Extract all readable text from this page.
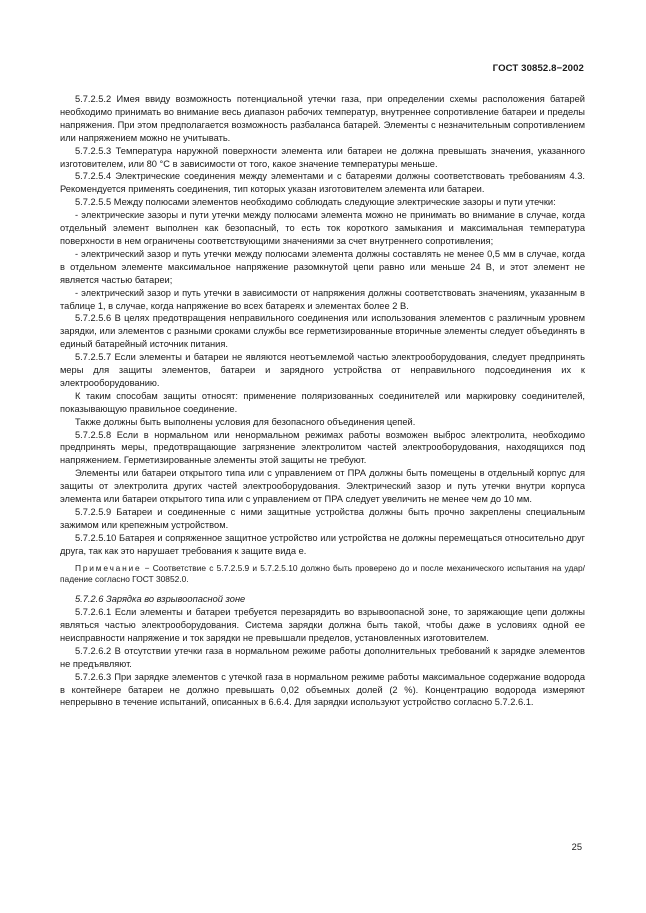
ГОСТ 30852.8−2002

5.7.2.5.2 Имея ввиду возможность потенциальной утечки газа, при определении схемы расположения батарей необходимо принимать во внимание весь диапазон рабочих температур, внутреннее сопротивление батареи и пределы напряжения. При этом предполагается возможность разбаланса батарей. Элементы с незначительным сопротивлением или напряжением можно не учитывать.

5.7.2.5.3 Температура наружной поверхности элемента или батареи не должна превышать значения, указанного изготовителем, или 80 °С в зависимости от того, какое значение температуры меньше.

5.7.2.5.4 Электрические соединения между элементами и с батареями должны соответствовать требованиям 4.3. Рекомендуется применять соединения, тип которых указан изготовителем элемента или батареи.

5.7.2.5.5 Между полюсами элементов необходимо соблюдать следующие электрические зазоры и пути утечки:

- электрические зазоры и пути утечки между полюсами элемента можно не принимать во внимание в случае, когда отдельный элемент выполнен как безопасный, то есть ток короткого замыкания и максимальная температура поверхности в нем ограничены соответствующими значениями за счет внутреннего сопротивления;

- электрический зазор и путь утечки между полюсами элемента должны составлять не менее 0,5 мм в случае, когда в отдельном элементе максимальное напряжение разомкнутой цепи равно или меньше 24 В, и этот элемент не является частью батареи;

- электрический зазор и путь утечки в зависимости от напряжения должны соответствовать значениям, указанным в таблице 1, в случае, когда напряжение во всех батареях и элементах более 2 В.

5.7.2.5.6 В целях предотвращения неправильного соединения или использования элементов с различным уровнем зарядки, или элементов с разными сроками службы все герметизированные вторичные элементы следует объединять в единый батарейный источник питания.

5.7.2.5.7 Если элементы и батареи не являются неотъемлемой частью электрооборудования, следует предпринять меры для защиты элементов, батареи и зарядного устройства от неправильного подсоединения их к электрооборудованию.

К таким способам защиты относят: применение поляризованных соединителей или маркировку соединителей, показывающую правильное соединение.

Также должны быть выполнены условия для безопасного объединения цепей.

5.7.2.5.8 Если в нормальном или ненормальном режимах работы возможен выброс электролита, необходимо предпринять меры, предотвращающие загрязнение электролитом частей электрооборудования, находящихся под напряжением. Герметизированные элементы этой защиты не требуют.

Элементы или батареи открытого типа или с управлением от ПРА должны быть помещены в отдельный корпус для защиты от электролита других частей электрооборудования. Электрический зазор и путь утечки внутри корпуса элемента или батареи открытого типа или с управлением от ПРА следует увеличить не менее чем до 10 мм.

5.7.2.5.9 Батареи и соединенные с ними защитные устройства должны быть прочно закреплены специальным зажимом или крепежным устройством.

5.7.2.5.10 Батарея и сопряженное защитное устройство или устройства не должны перемещаться относительно друг друга, так как это нарушает требования к защите вида е.

Примечание − Соответствие с 5.7.2.5.9 и 5.7.2.5.10 должно быть проверено до и после механического испытания на удар/падение согласно ГОСТ 30852.0.

5.7.2.6 Зарядка во взрывоопасной зоне

5.7.2.6.1 Если элементы и батареи требуется перезарядить во взрывоопасной зоне, то заряжающие цепи должны являться частью электрооборудования. Система зарядки должна быть такой, чтобы даже в условиях одной ее неисправности напряжение и ток зарядки не превышали пределов, установленных изготовителем.

5.7.2.6.2 В отсутствии утечки газа в нормальном режиме работы дополнительных требований к зарядке элементов не предъявляют.

5.7.2.6.3 При зарядке элементов с утечкой газа в нормальном режиме работы максимальное содержание водорода в контейнере батареи не должно превышать 0,02 объемных долей (2 %). Концентрацию водорода измеряют непрерывно в течение испытаний, описанных в 6.6.4. Для зарядки используют устройство согласно 5.7.2.6.1.

25
